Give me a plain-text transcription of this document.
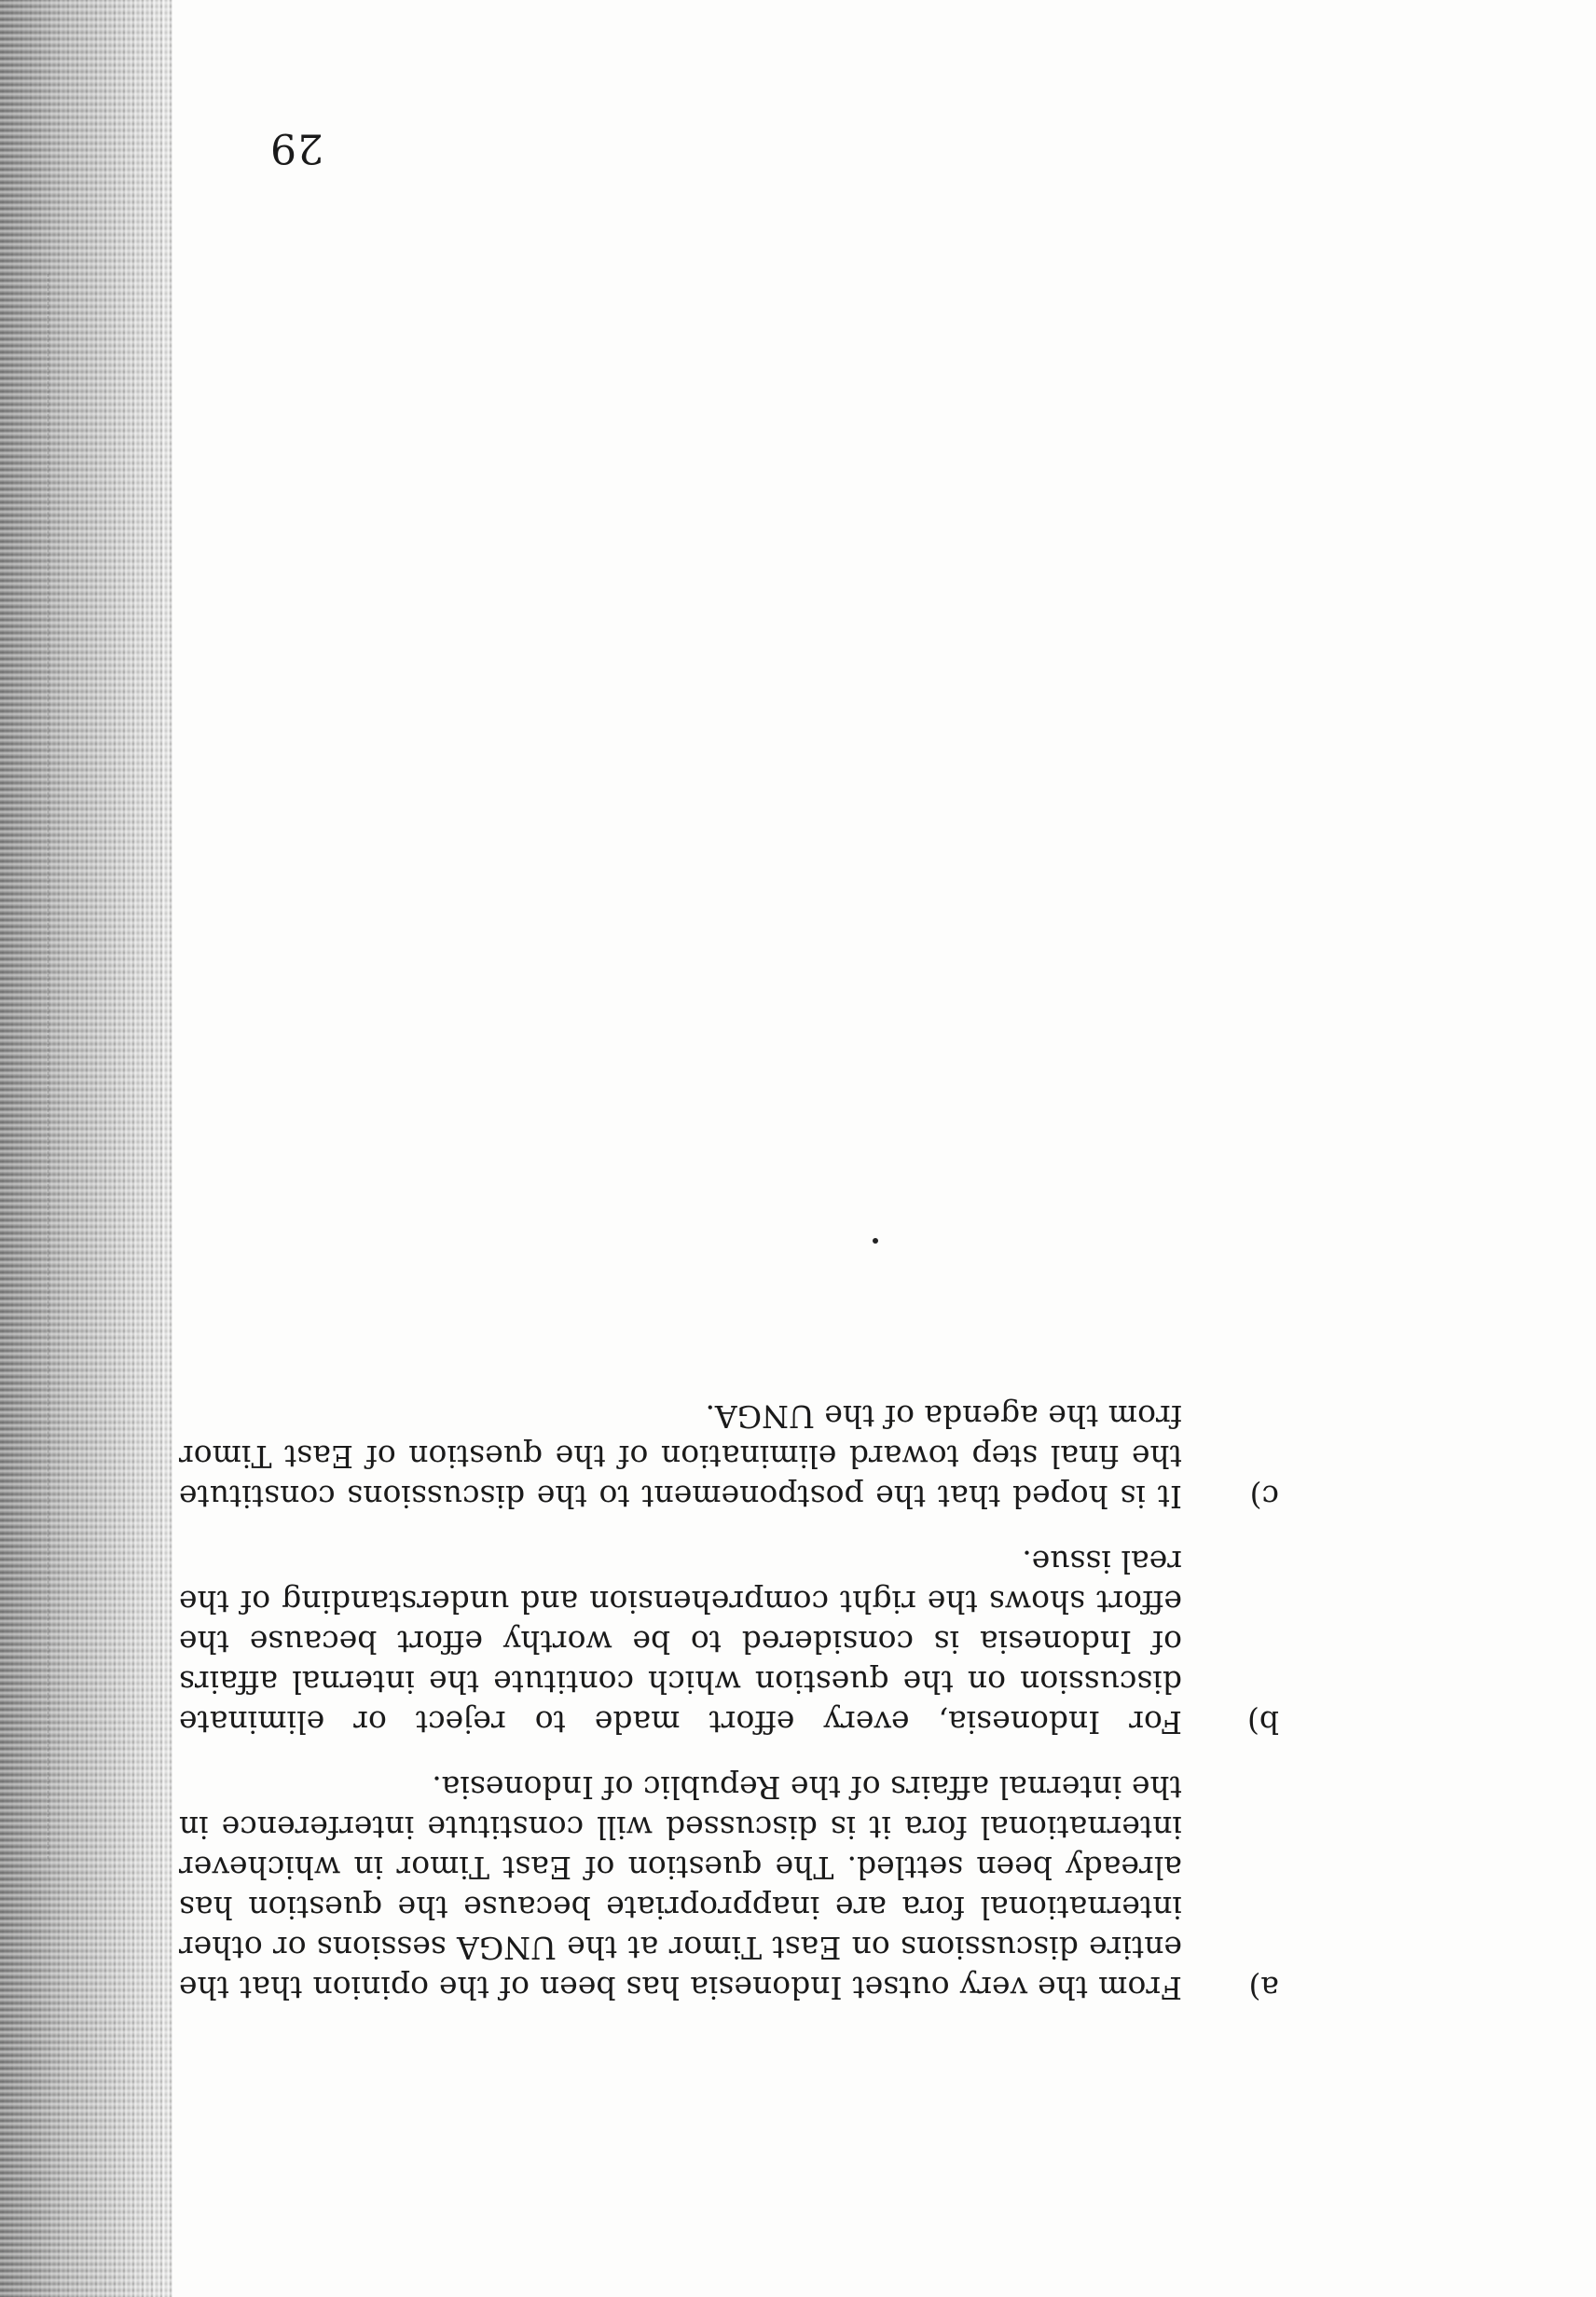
a)
From the very outset Indonesia has been of the opinion that the entire discussions on East Timor at the UNGA sessions or other international fora are inappropriate because the question has already been settled. The question of East Timor in whichever international fora it is discussed will constitute interference in the internal affairs of the Republic of Indonesia.
b)
For Indonesia, every effort made to reject or eliminate discussion on the question which contitute the internal affairs of Indonesia is considered to be worthy effort because the effort shows the right comprehension and understanding of the real issue.
c)
It is hoped that the postponement to the discussions constitute the final step toward elimination of the question of East Timor from the agenda of the UNGA.
29
